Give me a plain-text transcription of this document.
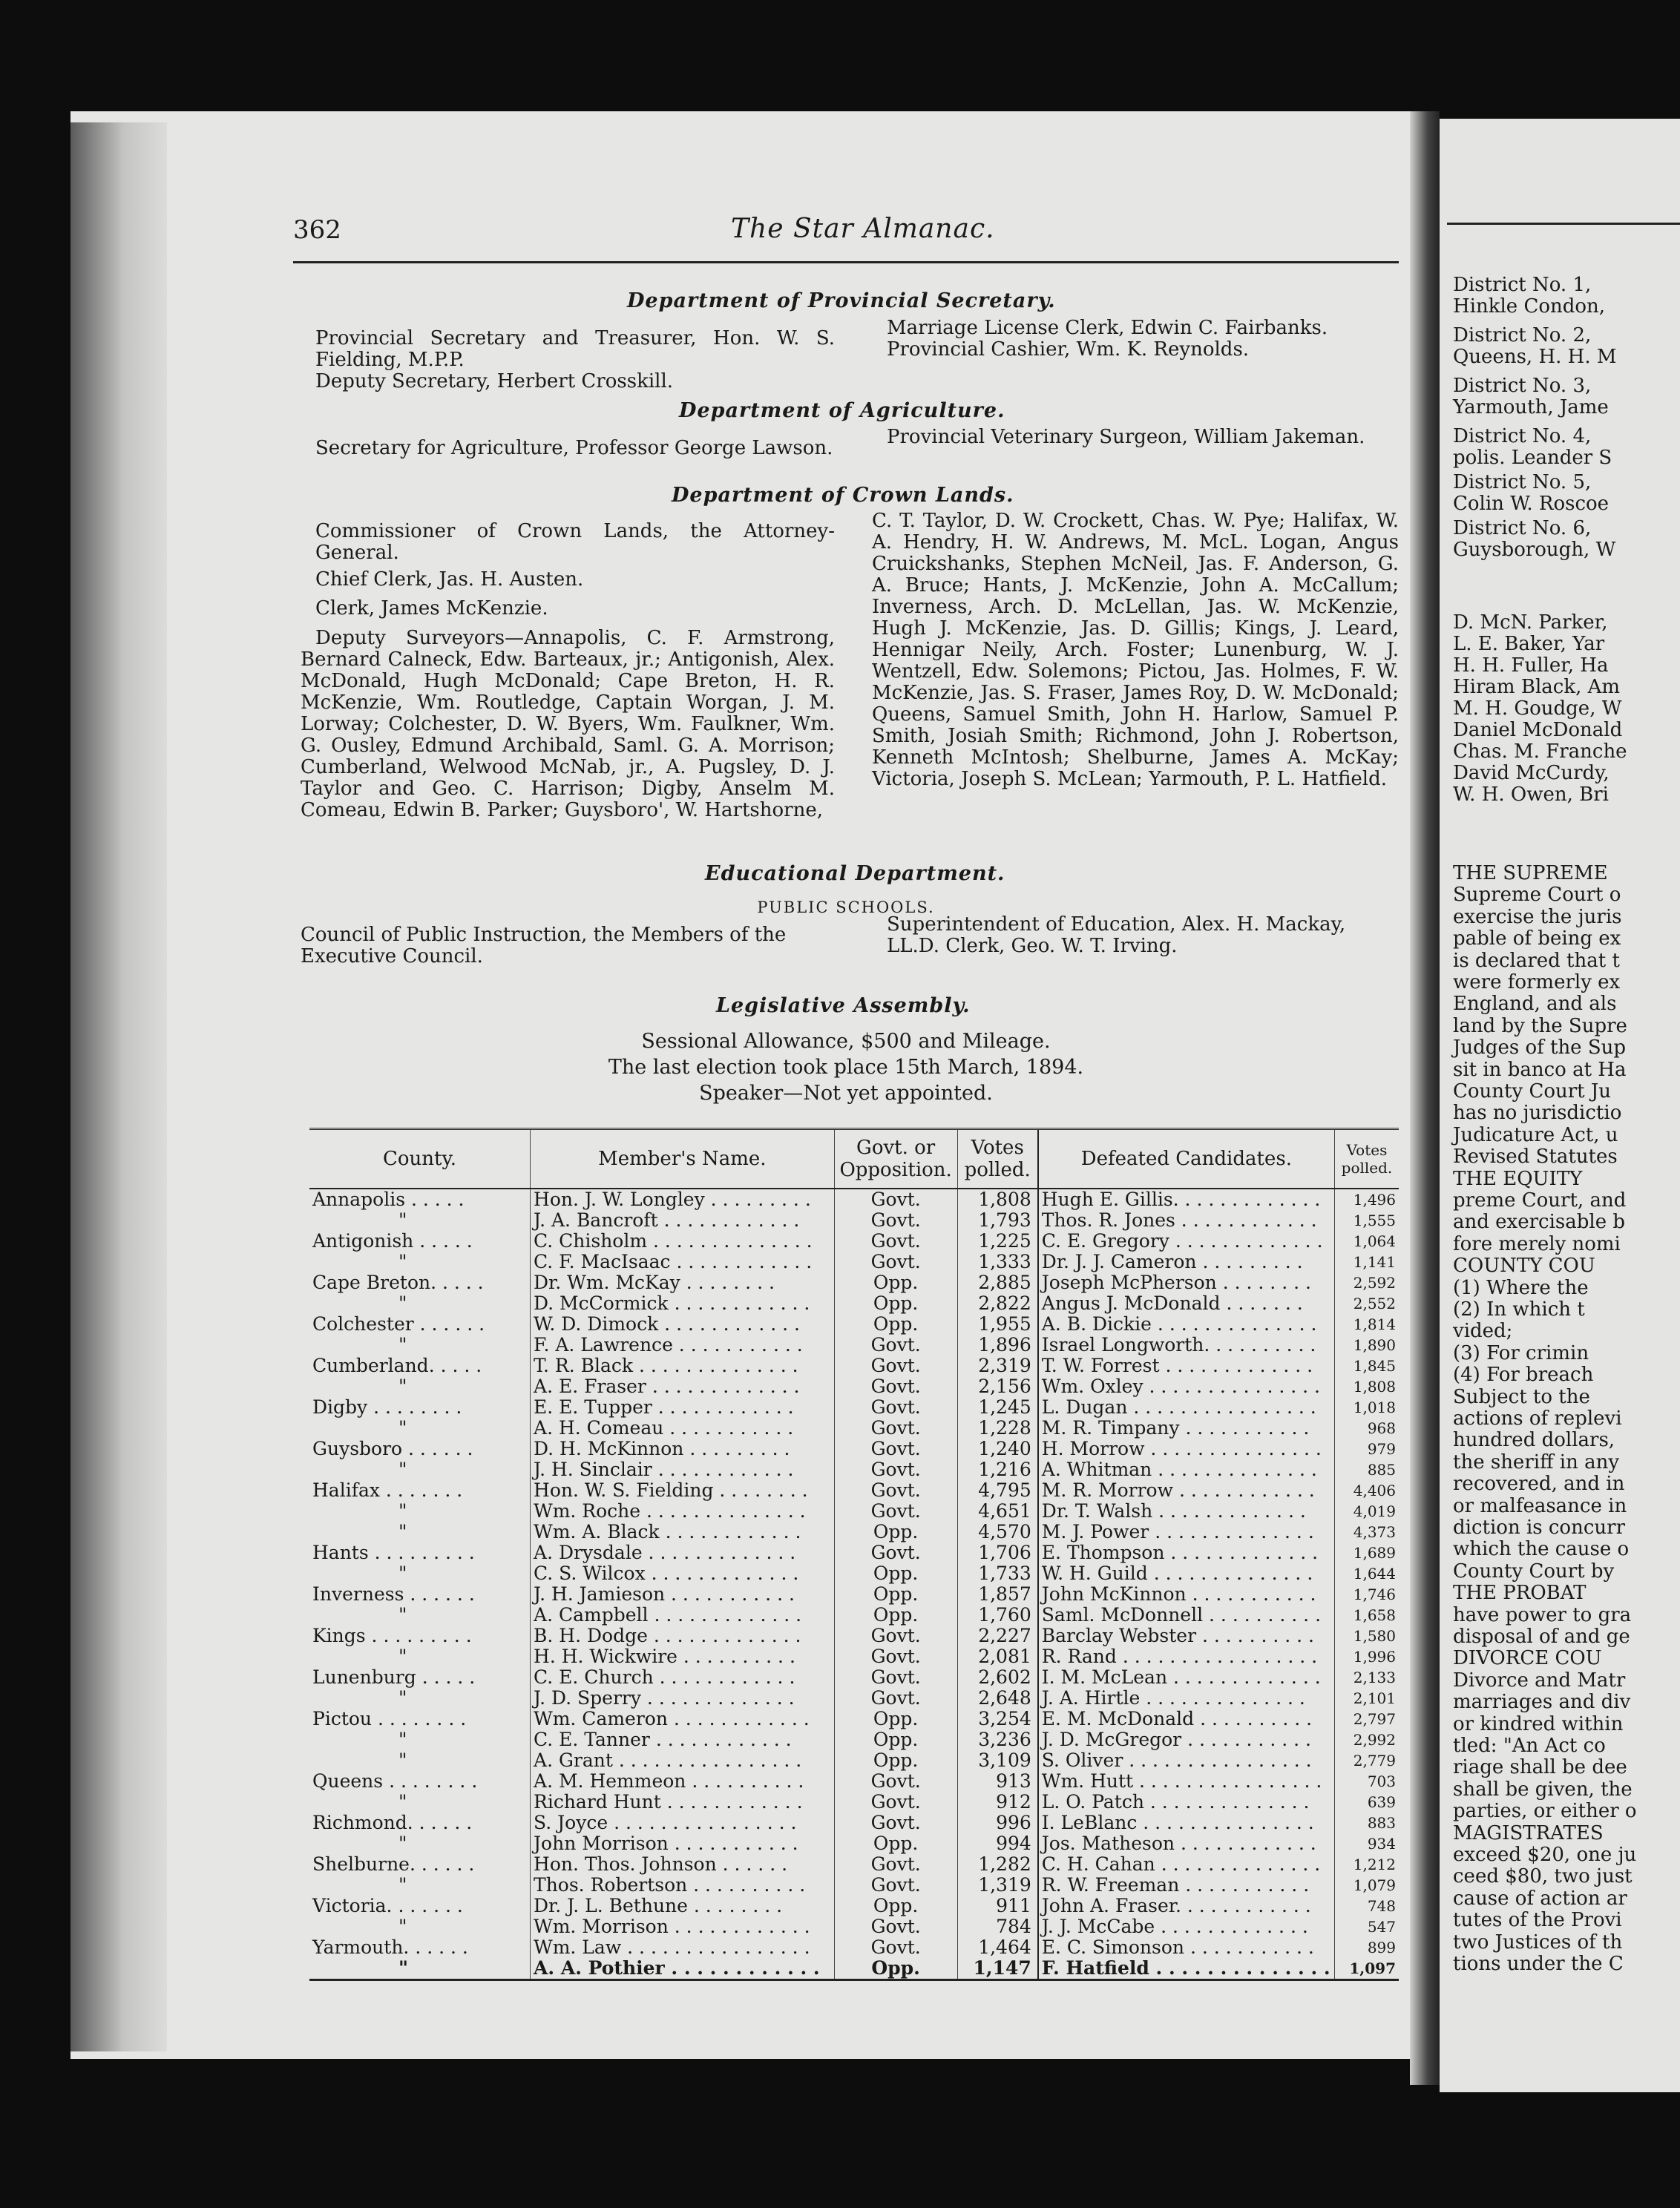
District No. 1,
Hinkle Condon,
District No. 2,
Queens, H. H. M
District No. 3,
Yarmouth, Jame
District No. 4,
polis. Leander S
District No. 5,
Colin W. Roscoe
District No. 6,
Guysborough, W
D. McN. Parker,
L. E. Baker, Yar
H. H. Fuller, Ha
Hiram Black, Am
M. H. Goudge, W
Daniel McDonald
Chas. M. Franche
David McCurdy,
W. H. Owen, Bri
THE SUPREME
Supreme Court o
exercise the juris
pable of being ex
is declared that t
were formerly ex
England, and als
land by the Supre
Judges of the Sup
sit in banco at Ha
County Court Ju
has no jurisdictio
Judicature Act, u
Revised Statutes
THE EQUITY
preme Court, and
and exercisable b
fore merely nomi
COUNTY COU
(1) Where the
(2) In which t
vided;
(3) For crimin
(4) For breach
Subject to the
actions of replevi
hundred dollars,
the sheriff in any
recovered, and in
or malfeasance in
diction is concurr
which the cause o
County Court by
THE PROBAT
have power to gra
disposal of and ge
DIVORCE COU
Divorce and Matr
marriages and div
or kindred within
tled: "An Act co
riage shall be dee
shall be given, the
parties, or either o
MAGISTRATES
exceed $20, one ju
ceed $80, two just
cause of action ar
tutes of the Provi
two Justices of th
tions under the C
362	The Star Almanac.
Department of Provincial Secretary.
Provincial Secretary and Treasurer, Hon. W. S. Fielding, M.P.P.
Deputy Secretary, Herbert Crosskill.
Marriage License Clerk, Edwin C. Fairbanks.
Provincial Cashier, Wm. K. Reynolds.
Department of Agriculture.
Secretary for Agriculture, Professor George Lawson.	Provincial Veterinary Surgeon, William Jakeman.
Department of Crown Lands.
Commissioner of Crown Lands, the Attorney-General.
Chief Clerk, Jas. H. Austen.
Clerk, James McKenzie.
Deputy Surveyors—Annapolis, C. F. Armstrong, Bernard Calneck, Edw. Barteaux, jr.; Antigonish, Alex. McDonald, Hugh McDonald; Cape Breton, H. R. McKenzie, Wm. Routledge, Captain Worgan, J. M. Lorway; Colchester, D. W. Byers, Wm. Faulkner, Wm. G. Ousley, Edmund Archibald, Saml. G. A. Morrison; Cumberland, Welwood McNab, jr., A. Pugsley, D. J. Taylor and Geo. C. Harrison; Digby, Anselm M. Comeau, Edwin B. Parker; Guysboro', W. Hartshorne,
C. T. Taylor, D. W. Crockett, Chas. W. Pye; Halifax, W. A. Hendry, H. W. Andrews, M. McL. Logan, Angus Cruickshanks, Stephen McNeil, Jas. F. Anderson, G. A. Bruce; Hants, J. McKenzie, John A. McCallum; Inverness, Arch. D. McLellan, Jas. W. McKenzie, Hugh J. McKenzie, Jas. D. Gillis; Kings, J. Leard, Hennigar Neily, Arch. Foster; Lunenburg, W. J. Wentzell, Edw. Solemons; Pictou, Jas. Holmes, F. W. McKenzie, Jas. S. Fraser, James Roy, D. W. McDonald; Queens, Samuel Smith, John H. Harlow, Samuel P. Smith, Josiah Smith; Richmond, John J. Robertson, Kenneth McIntosh; Shelburne, James A. McKay; Victoria, Joseph S. McLean; Yarmouth, P. L. Hatfield.
Educational Department.
PUBLIC SCHOOLS.
Council of Public Instruction, the Members of the Executive Council.
Superintendent of Education, Alex. H. Mackay, LL.D. Clerk, Geo. W. T. Irving.
Legislative Assembly.
Sessional Allowance, $500 and Mileage.
The last election took place 15th March, 1894.
Speaker—Not yet appointed.
County.	Member's Name.	Govt. or Opposition.	Votes polled.	Defeated Candidates.	Votes polled.
Annapolis . . . . .	Hon. J. W. Longley . . . . . . . . .	Govt.	1,808	Hugh E. Gillis. . . . . . . . . . . . .	1,496
"	J. A. Bancroft . . . . . . . . . . . .	Govt.	1,793	Thos. R. Jones . . . . . . . . . . . .	1,555
Antigonish . . . . .	C. Chisholm . . . . . . . . . . . . . .	Govt.	1,225	C. E. Gregory . . . . . . . . . . . . .	1,064
"	C. F. MacIsaac . . . . . . . . . . . .	Govt.	1,333	Dr. J. J. Cameron . . . . . . . . .	1,141
Cape Breton. . . . .	Dr. Wm. McKay . . . . . . . .	Opp.	2,885	Joseph McPherson . . . . . . . .	2,592
"	D. McCormick . . . . . . . . . . . .	Opp.	2,822	Angus J. McDonald . . . . . . .	2,552
Colchester . . . . . .	W. D. Dimock . . . . . . . . . . . .	Opp.	1,955	A. B. Dickie . . . . . . . . . . . . . .	1,814
"	F. A. Lawrence . . . . . . . . . . .	Govt.	1,896	Israel Longworth. . . . . . . . . .	1,890
Cumberland. . . . .	T. R. Black . . . . . . . . . . . . . .	Govt.	2,319	T. W. Forrest . . . . . . . . . . . . .	1,845
"	A. E. Fraser . . . . . . . . . . . . .	Govt.	2,156	Wm. Oxley . . . . . . . . . . . . . . .	1,808
Digby . . . . . . . .	E. E. Tupper . . . . . . . . . . . .	Govt.	1,245	L. Dugan . . . . . . . . . . . . . . . .	1,018
"	A. H. Comeau . . . . . . . . . . .	Govt.	1,228	M. R. Timpany . . . . . . . . . . .	968
Guysboro . . . . . .	D. H. McKinnon . . . . . . . . .	Govt.	1,240	H. Morrow . . . . . . . . . . . . . . .	979
"	J. H. Sinclair . . . . . . . . . . . .	Govt.	1,216	A. Whitman . . . . . . . . . . . . . .	885
Halifax . . . . . . .	Hon. W. S. Fielding . . . . . . . .	Govt.	4,795	M. R. Morrow . . . . . . . . . . . .	4,406
"	Wm. Roche . . . . . . . . . . . . . .	Govt.	4,651	Dr. T. Walsh . . . . . . . . . . . . .	4,019
"	Wm. A. Black . . . . . . . . . . . .	Opp.	4,570	M. J. Power . . . . . . . . . . . . . .	4,373
Hants . . . . . . . . .	A. Drysdale . . . . . . . . . . . . .	Govt.	1,706	E. Thompson . . . . . . . . . . . . .	1,689
"	C. S. Wilcox . . . . . . . . . . . . .	Opp.	1,733	W. H. Guild . . . . . . . . . . . . . .	1,644
Inverness . . . . . .	J. H. Jamieson . . . . . . . . . . .	Opp.	1,857	John McKinnon . . . . . . . . . . .	1,746
"	A. Campbell . . . . . . . . . . . . .	Opp.	1,760	Saml. McDonnell . . . . . . . . . .	1,658
Kings . . . . . . . . .	B. H. Dodge . . . . . . . . . . . . .	Govt.	2,227	Barclay Webster . . . . . . . . . .	1,580
"	H. H. Wickwire . . . . . . . . . .	Govt.	2,081	R. Rand . . . . . . . . . . . . . . . . .	1,996
Lunenburg . . . . .	C. E. Church . . . . . . . . . . . .	Govt.	2,602	I. M. McLean . . . . . . . . . . . . .	2,133
"	J. D. Sperry . . . . . . . . . . . . .	Govt.	2,648	J. A. Hirtle . . . . . . . . . . . . . .	2,101
Pictou . . . . . . . .	Wm. Cameron . . . . . . . . . . . .	Opp.	3,254	E. M. McDonald . . . . . . . . . .	2,797
"	C. E. Tanner . . . . . . . . . . . .	Opp.	3,236	J. D. McGregor . . . . . . . . . . .	2,992
"	A. Grant . . . . . . . . . . . . . . . .	Opp.	3,109	S. Oliver . . . . . . . . . . . . . . . .	2,779
Queens . . . . . . . .	A. M. Hemmeon . . . . . . . . . .	Govt.	913	Wm. Hutt . . . . . . . . . . . . . . . .	703
"	Richard Hunt . . . . . . . . . . . .	Govt.	912	L. O. Patch . . . . . . . . . . . . . .	639
Richmond. . . . . .	S. Joyce . . . . . . . . . . . . . . . .	Govt.	996	I. LeBlanc . . . . . . . . . . . . . . .	883
"	John Morrison . . . . . . . . . . .	Opp.	994	Jos. Matheson . . . . . . . . . . . .	934
Shelburne. . . . . .	Hon. Thos. Johnson . . . . . .	Govt.	1,282	C. H. Cahan . . . . . . . . . . . . . .	1,212
"	Thos. Robertson . . . . . . . . . .	Govt.	1,319	R. W. Freeman . . . . . . . . . . .	1,079
Victoria. . . . . . .	Dr. J. L. Bethune . . . . . . . .	Opp.	911	John A. Fraser. . . . . . . . . . . .	748
"	Wm. Morrison . . . . . . . . . . . .	Govt.	784	J. J. McCabe . . . . . . . . . . . . .	547
Yarmouth. . . . . .	Wm. Law . . . . . . . . . . . . . . . .	Govt.	1,464	E. C. Simonson . . . . . . . . . . .	899
"	A. A. Pothier . . . . . . . . . . . .	Opp.	1,147	F. Hatfield . . . . . . . . . . . . . .	1,097
